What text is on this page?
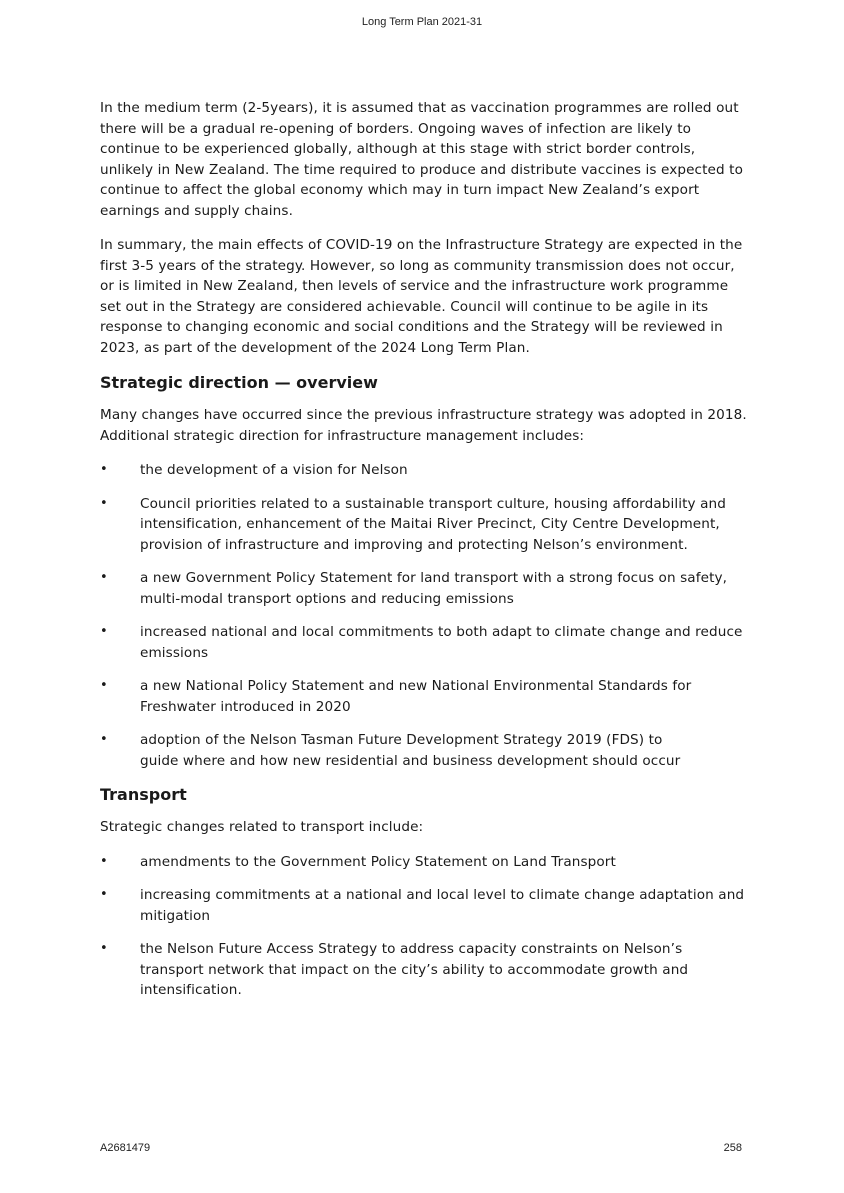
Long Term Plan 2021-31

In the medium term (2-5years), it is assumed that as vaccination programmes are rolled out there will be a gradual re-opening of borders. Ongoing waves of infection are likely to continue to be experienced globally, although at this stage with strict border controls, unlikely in New Zealand. The time required to produce and distribute vaccines is expected to continue to affect the global economy which may in turn impact New Zealand’s export earnings and supply chains.

In summary, the main effects of COVID-19 on the Infrastructure Strategy are expected in the first 3-5 years of the strategy. However, so long as community transmission does not occur, or is limited in New Zealand, then levels of service and the infrastructure work programme set out in the Strategy are considered achievable. Council will continue to be agile in its response to changing economic and social conditions and the Strategy will be reviewed in 2023, as part of the development of the 2024 Long Term Plan.

Strategic direction — overview

Many changes have occurred since the previous infrastructure strategy was adopted in 2018. Additional strategic direction for infrastructure management includes:

•	the development of a vision for Nelson
•	Council priorities related to a sustainable transport culture, housing affordability and intensification, enhancement of the Maitai River Precinct, City Centre Development, provision of infrastructure and improving and protecting Nelson’s environment.
•	a new Government Policy Statement for land transport with a strong focus on safety, multi-modal transport options and reducing emissions
•	increased national and local commitments to both adapt to climate change and reduce emissions
•	a new National Policy Statement and new National Environmental Standards for Freshwater introduced in 2020
•	adoption of the Nelson Tasman Future Development Strategy 2019 (FDS) to guide where and how new residential and business development should occur
Transport

Strategic changes related to transport include:

•	amendments to the Government Policy Statement on Land Transport
•	increasing commitments at a national and local level to climate change adaptation and mitigation
•	the Nelson Future Access Strategy to address capacity constraints on Nelson’s transport network that impact on the city’s ability to accommodate growth and intensification.
A2681479	258
